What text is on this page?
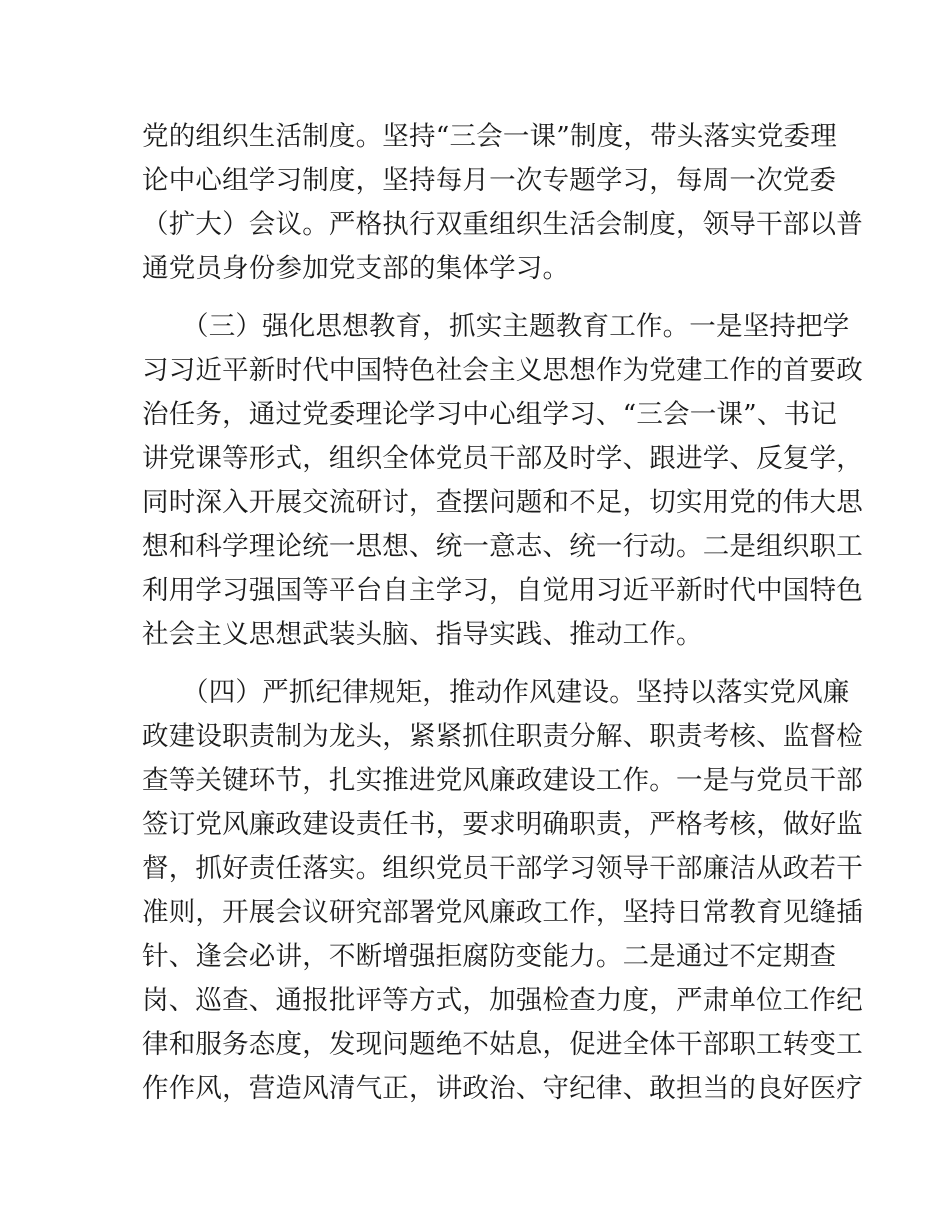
党的组织生活制度。坚持“三会一课”制度，带头落实党委理
论中心组学习制度，坚持每月一次专题学习，每周一次党委
（扩大）会议。严格执行双重组织生活会制度，领导干部以普
通党员身份参加党支部的集体学习。
（三）强化思想教育，抓实主题教育工作。一是坚持把学
习习近平新时代中国特色社会主义思想作为党建工作的首要政
治任务，通过党委理论学习中心组学习、“三会一课”、书记
讲党课等形式，组织全体党员干部及时学、跟进学、反复学，
同时深入开展交流研讨，查摆问题和不足，切实用党的伟大思
想和科学理论统一思想、统一意志、统一行动。二是组织职工
利用学习强国等平台自主学习，自觉用习近平新时代中国特色
社会主义思想武装头脑、指导实践、推动工作。
（四）严抓纪律规矩，推动作风建设。坚持以落实党风廉
政建设职责制为龙头，紧紧抓住职责分解、职责考核、监督检
查等关键环节，扎实推进党风廉政建设工作。一是与党员干部
签订党风廉政建设责任书，要求明确职责，严格考核，做好监
督，抓好责任落实。组织党员干部学习领导干部廉洁从政若干
准则，开展会议研究部署党风廉政工作，坚持日常教育见缝插
针、逢会必讲，不断增强拒腐防变能力。二是通过不定期查
岗、巡查、通报批评等方式，加强检查力度，严肃单位工作纪
律和服务态度，发现问题绝不姑息，促进全体干部职工转变工
作作风，营造风清气正，讲政治、守纪律、敢担当的良好医疗
